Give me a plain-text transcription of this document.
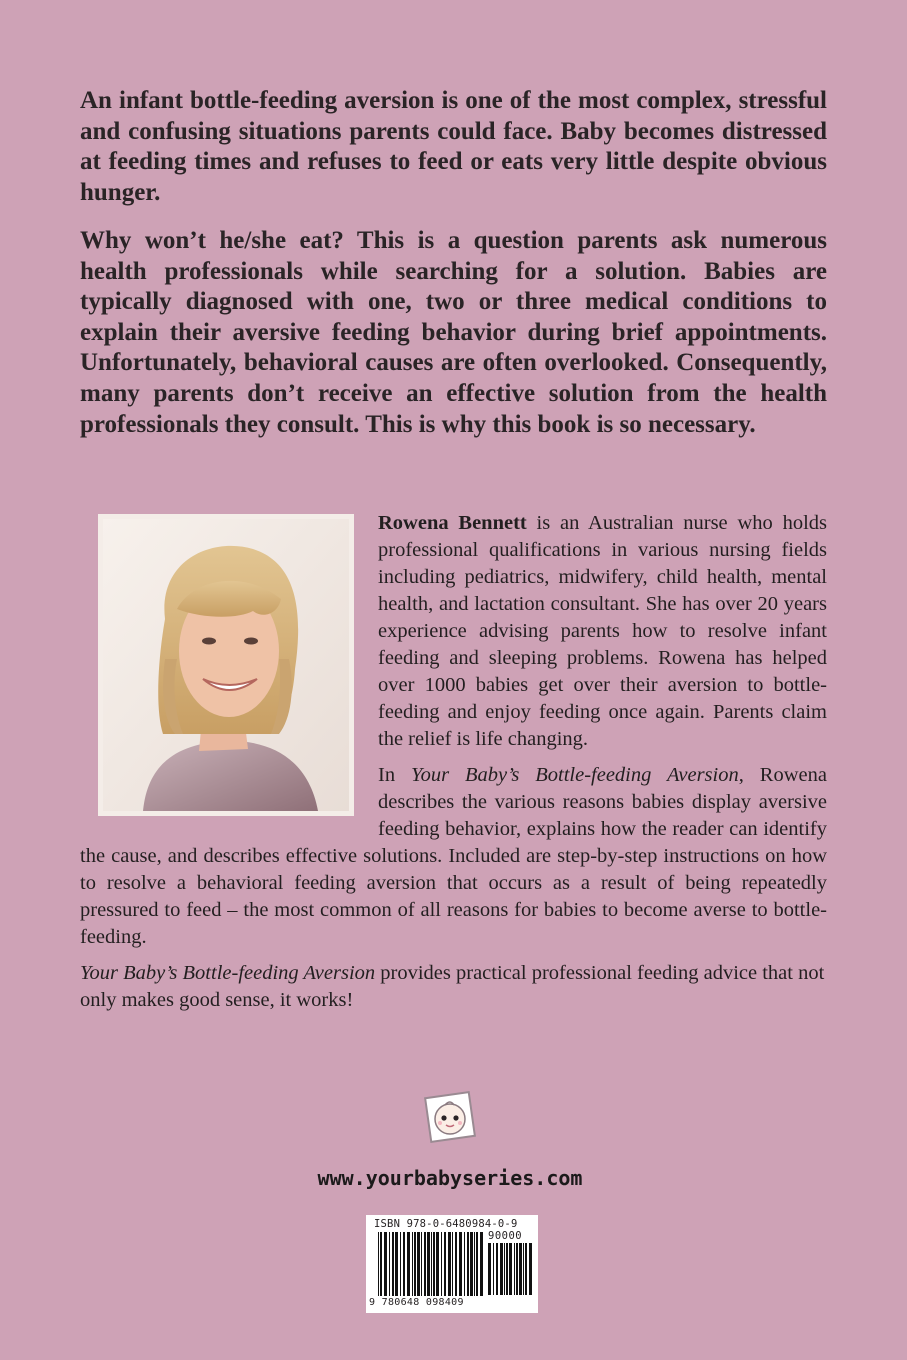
An infant bottle-feeding aversion is one of the most complex, stressful and confusing situations parents could face. Baby becomes distressed at feeding times and refuses to feed or eats very little despite obvious hunger.

Why won’t he/she eat? This is a question parents ask numerous health professionals while searching for a solution. Babies are typically diagnosed with one, two or three medical conditions to explain their aversive feeding behavior during brief appointments. Unfortunately, behavioral causes are often overlooked. Consequently, many parents don’t receive an effective solution from the health professionals they consult. This is why this book is so necessary.

Rowena Bennett is an Australian nurse who holds professional qualifications in various nursing fields including pediatrics, midwifery, child health, mental health, and lactation consultant. She has over 20 years experience advising parents how to resolve infant feeding and sleeping problems. Rowena has helped over 1000 babies get over their aversion to bottle-feeding and enjoy feeding once again. Parents claim the relief is life changing.

In Your Baby’s Bottle-feeding Aversion, Rowena describes the various reasons babies display aversive feeding behavior, explains how the reader can identify the cause, and describes effective solutions. Included are step-by-step instructions on how to resolve a behavioral feeding aversion that occurs as a result of being repeatedly pressured to feed – the most common of all reasons for babies to become averse to bottle-feeding.

Your Baby’s Bottle-feeding Aversion provides practical professional feeding advice that not only makes good sense, it works!

www.yourbabyseries.com
ISBN 978-0-6480984-0-9
90000
9 780648 098409
